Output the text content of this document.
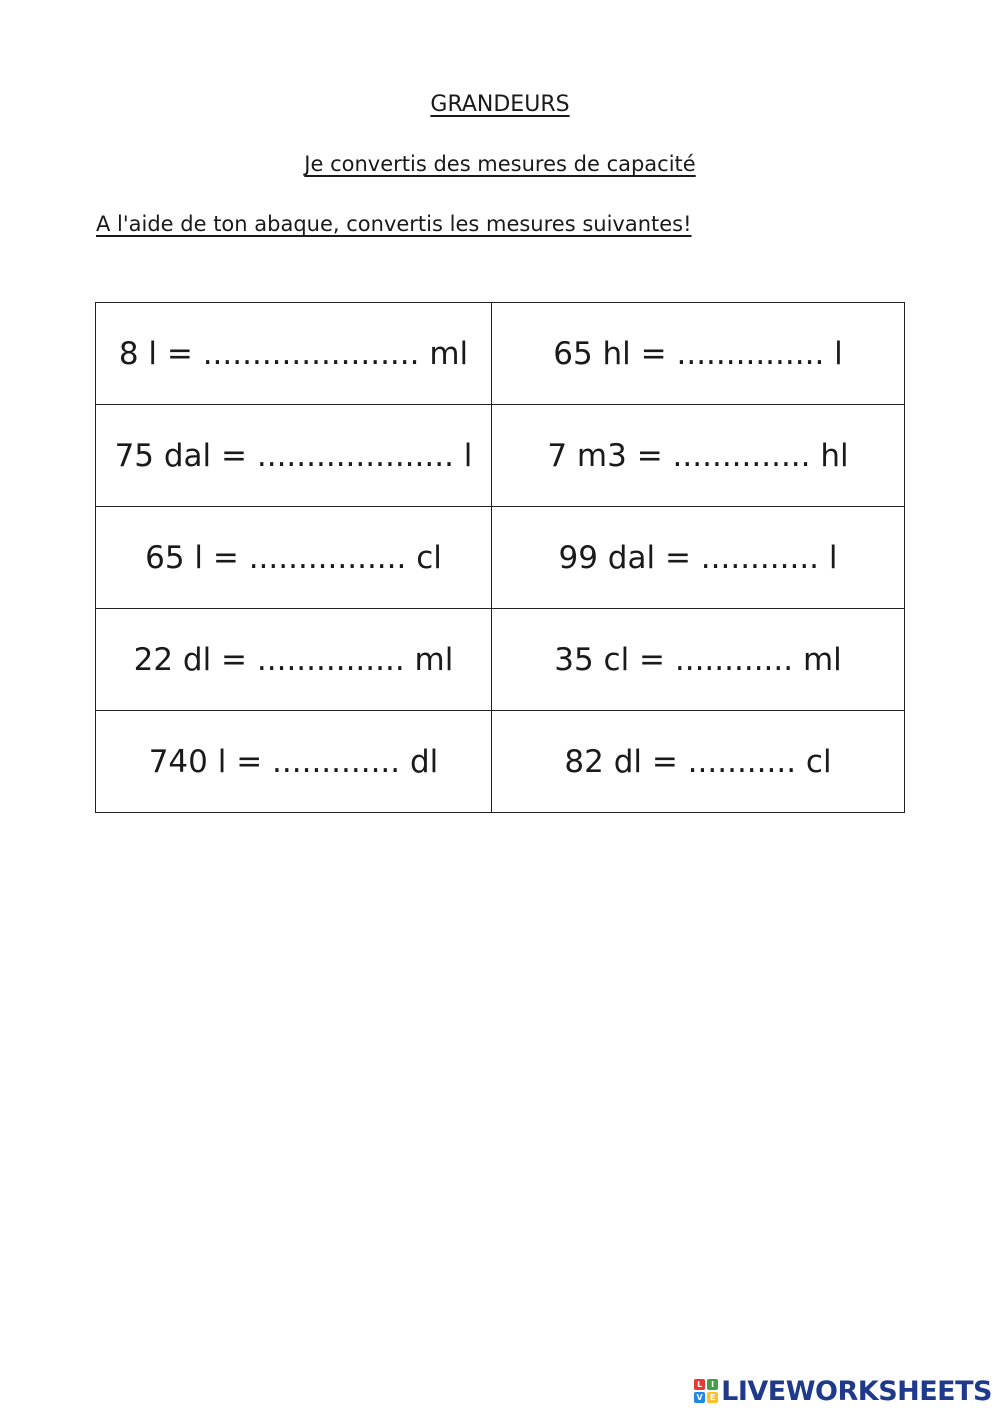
GRANDEURS
Je convertis des mesures de capacité
A l'aide de ton abaque, convertis les mesures suivantes!
8 l = ...................... ml	65 hl = ............... l
75 dal = .................... l	7 m3 = .............. hl
65 l = ................ cl	99 dal = ............ l
22 dl = ............... ml	35 cl = ............ ml
740 l = ............. dl	82 dl = ........... cl
L	I
V E LIVEWORKSHEETS
